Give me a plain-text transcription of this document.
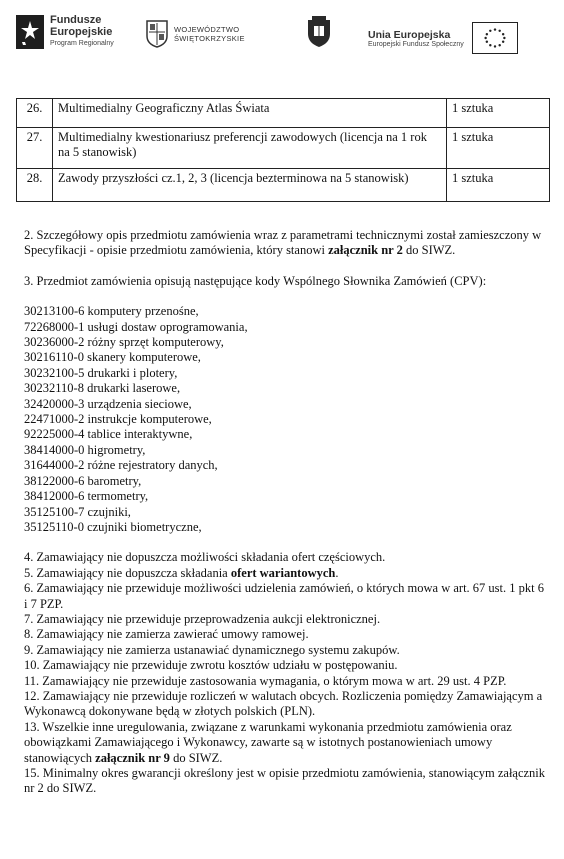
Fundusze
Europejskie
Program Regionalny
WOJEWÓDZTWO
ŚWIĘTOKRZYSKIE	Unia Europejska
Europejski Fundusz Społeczny
26.	Multimedialny Geograficzny Atlas Świata	1 sztuka
27.	Multimedialny kwestionariusz preferencji zawodowych (licencja na 1 rok na 5 stanowisk)	1 sztuka
28.	Zawody przyszłości cz.1, 2, 3 (licencja bezterminowa na 5 stanowisk)	1 sztuka

2. Szczegółowy opis przedmiotu zamówienia wraz z parametrami technicznymi został zamieszczony w Specyfikacji - opisie przedmiotu zamówienia, który stanowi załącznik nr 2 do SIWZ.

3. Przedmiot zamówienia opisują następujące kody Wspólnego Słownika Zamówień (CPV):

30213100-6 komputery przenośne,

72268000-1 usługi dostaw oprogramowania,

30236000-2 różny sprzęt komputerowy,

30216110-0 skanery komputerowe,

30232100-5 drukarki i plotery,

30232110-8 drukarki laserowe,

32420000-3 urządzenia sieciowe,

22471000-2 instrukcje komputerowe,

92225000-4 tablice interaktywne,

38414000-0 higrometry,

31644000-2 różne rejestratory danych,

38122000-6 barometry,

38412000-6 termometry,

35125100-7 czujniki,

35125110-0 czujniki biometryczne,

4. Zamawiający nie dopuszcza możliwości składania ofert częściowych.

5. Zamawiający nie dopuszcza składania ofert wariantowych.

6. Zamawiający nie przewiduje możliwości udzielenia zamówień, o których mowa w art. 67 ust. 1 pkt 6 i 7 PZP.

7. Zamawiający nie przewiduje przeprowadzenia aukcji elektronicznej.

8. Zamawiający nie zamierza zawierać umowy ramowej.

9. Zamawiający nie zamierza ustanawiać dynamicznego systemu zakupów.

10. Zamawiający nie przewiduje zwrotu kosztów udziału w postępowaniu.

11. Zamawiający nie przewiduje zastosowania wymagania, o którym mowa w art. 29 ust. 4 PZP.

12. Zamawiający nie przewiduje rozliczeń w walutach obcych. Rozliczenia pomiędzy Zamawiającym a Wykonawcą dokonywane będą w złotych polskich (PLN).

13. Wszelkie inne uregulowania, związane z warunkami wykonania przedmiotu zamówienia oraz obowiązkami Zamawiającego i Wykonawcy, zawarte są w istotnych postanowieniach umowy stanowiących załącznik nr 9 do SIWZ.

15. Minimalny okres gwarancji określony jest w opisie przedmiotu zamówienia, stanowiącym załącznik nr 2 do SIWZ.
